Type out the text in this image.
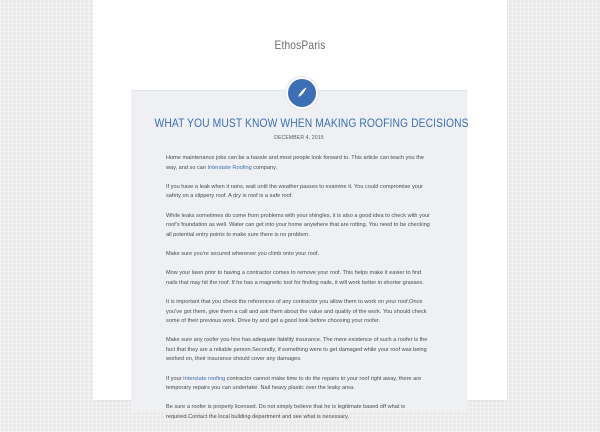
EthosParis
WHAT YOU MUST KNOW WHEN MAKING ROOFING DECISIONS
DECEMBER 4, 2015

Home maintenance jobs can be a hassle and most people look forward to. This article can teach you the way, and so can Interstate Roofing company.

If you have a leak when it rains, wait until the weather passes to examine it. You could compromise your safety on a slippery roof. A dry is roof is a safe roof.

While leaks sometimes do come from problems with your shingles, it is also a good idea to check with your roof’s foundation as well. Water can get into your home anywhere that are rotting. You need to be checking all potential entry points to make sure there is no problem.

Make sure you’re secured whenever you climb onto your roof.

Mow your lawn prior to having a contractor comes to remove your roof. This helps make it easier to find nails that may hit the roof. If he has a magnetic tool for finding nails, it will work better in shorter grasses.

It is important that you check the references of any contractor you allow them to work on your roof.Once you’ve got them, give them a call and ask them about the value and quality of the work. You should check some of their previous work. Drive by and get a good look before choosing your roofer.

Make sure any roofer you hire has adequate liability insurance. The mere existence of such a roofer is the fact that they are a reliable person.Secondly, if something were to get damaged while your roof was being worked on, their insurance should cover any damages.

If your Interstate roofing contractor cannot make time to do the repairs to your roof right away, there are temporary repairs you can undertake. Nail heavy plastic over the leaky area.

Be sure a roofer is properly licensed. Do not simply believe that he is legitimate based off what is required.Contact the local building department and see what is necessary.
